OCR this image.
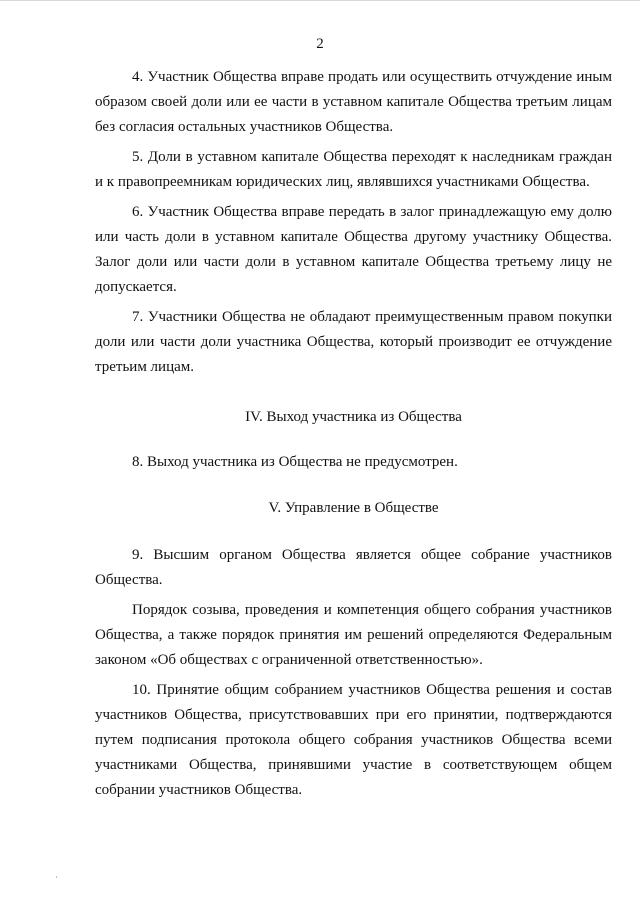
2

4. Участник Общества вправе продать или осуществить отчуждение иным образом своей доли или ее части в уставном капитале Общества третьим лицам без согласия остальных участников Общества.

5. Доли в уставном капитале Общества переходят к наследникам граждан и к правопреемникам юридических лиц, являвшихся участниками Общества.

6. Участник Общества вправе передать в залог принадлежащую ему долю или часть доли в уставном капитале Общества другому участнику Общества. Залог доли или части доли в уставном капитале Общества третьему лицу не допускается.

7. Участники Общества не обладают преимущественным правом покупки доли или части доли участника Общества, который производит ее отчуждение третьим лицам.

IV. Выход участника из Общества

8. Выход участника из Общества не предусмотрен.

V. Управление в Обществе

9. Высшим органом Общества является общее собрание участников Общества.

Порядок созыва, проведения и компетенция общего собрания участников Общества, а также порядок принятия им решений определяются Федеральным законом «Об обществах с ограниченной ответственностью».

10. Принятие общим собранием участников Общества решения и состав участников Общества, присутствовавших при его принятии, подтверждаются путем подписания протокола общего собрания участников Общества всеми участниками Общества, принявшими участие в соответствующем общем собрании участников Общества.
